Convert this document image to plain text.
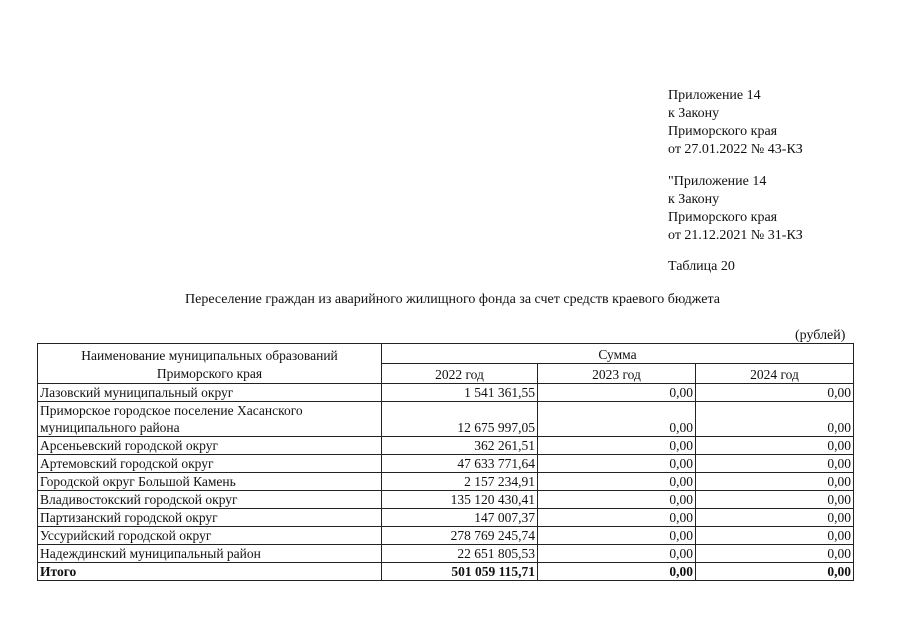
Приложение 14
к Закону
Приморского края
от 27.01.2022 № 43-КЗ
"Приложение 14
к Закону
Приморского края
от 21.12.2021 № 31-КЗ
Таблица 20
Переселение граждан из аварийного жилищного фонда за счет средств краевого бюджета
(рублей)
Наименование муниципальных образований
Приморского края	Сумма		
	2022 год	2023 год	2024 год
Лазовский муниципальный округ	1 541 361,55	0,00	0,00
Приморское городское поселение Хасанского муниципального района	12 675 997,05	0,00	0,00
Арсеньевский городской округ	362 261,51	0,00	0,00
Артемовский городской округ	47 633 771,64	0,00	0,00
Городской округ Большой Камень	2 157 234,91	0,00	0,00
Владивостокский городской округ	135 120 430,41	0,00	0,00
Партизанский городской округ	147 007,37	0,00	0,00
Уссурийский городской округ	278 769 245,74	0,00	0,00
Надеждинский муниципальный район	22 651 805,53	0,00	0,00
Итого	501 059 115,71	0,00	0,00
